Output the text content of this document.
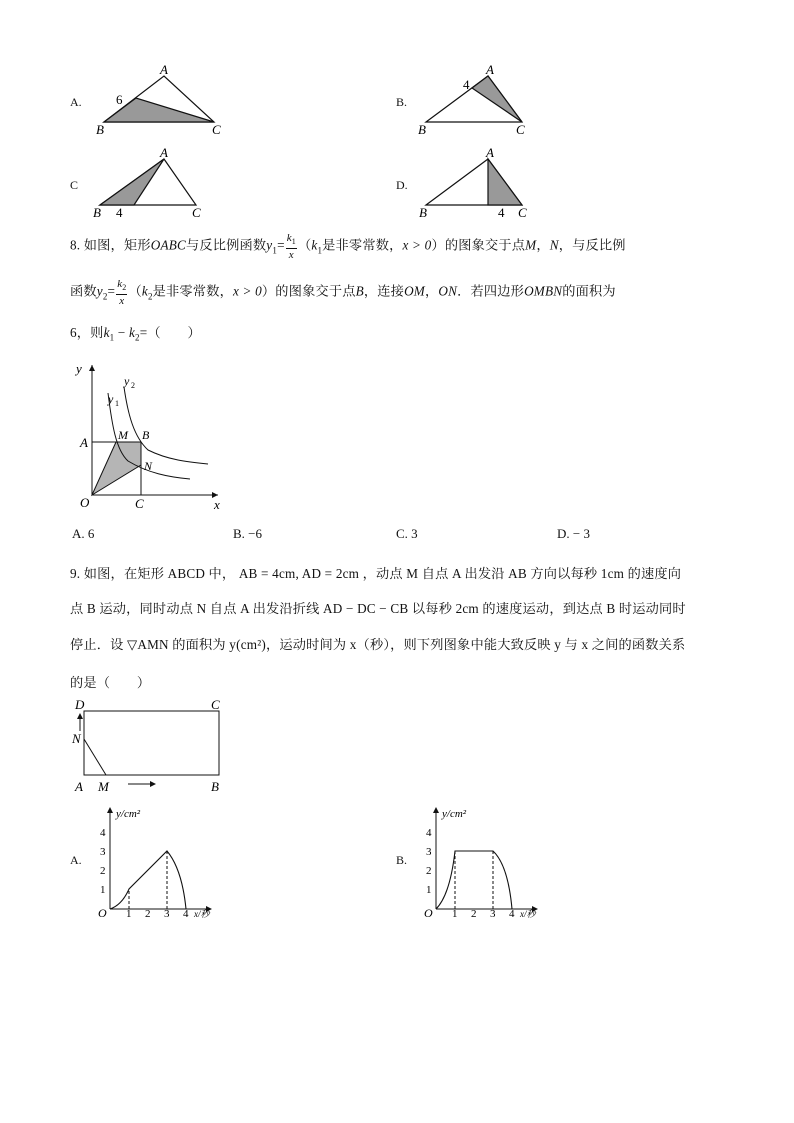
A.
A
B	C
6	B.
A
B	C
4
C
A
B	C
4
D.
A
B	C
4
8. 如图，矩形OABC与反比例函数$y_1= \frac{k_1}{x} (k_1$是非零常数，x > 0）的图象交于点M，N，与反比例
函数$y_2= \frac{k_2}{x} (k_2$是非零常数，x > 0）的图象交于点B，连接OM，ON．若四边形OMBN的面积为
6，则$k_1 - k_2=$（　　）
y
x
O
y 1
y 2
A	M B
N
C
A. 6	B. −6	C. 3	D. − 3
9. 如图，在矩形 ABCD 中， AB = 4cm, AD = 2cm ，动点 M 自点 A 出发沿 AB 方向以每秒 1cm 的速度向
点 B 运动，同时动点 N 自点 A 出发沿折线 AD − DC − CB 以每秒 2cm 的速度运动，到达点 B 时运动同时
停止．设 ▽AMN 的面积为 y(cm²)，运动时间为 x（秒），则下列图象中能大致反映 y 与 x 之间的函数关系
的是（　　）
D	C
N
A M	B
A.
y/cm²
x/秒
O
1
2
3
4
1 2 3 4
B.
y/cm²
x/秒
O
1
2
3
4
1 2 3 4
